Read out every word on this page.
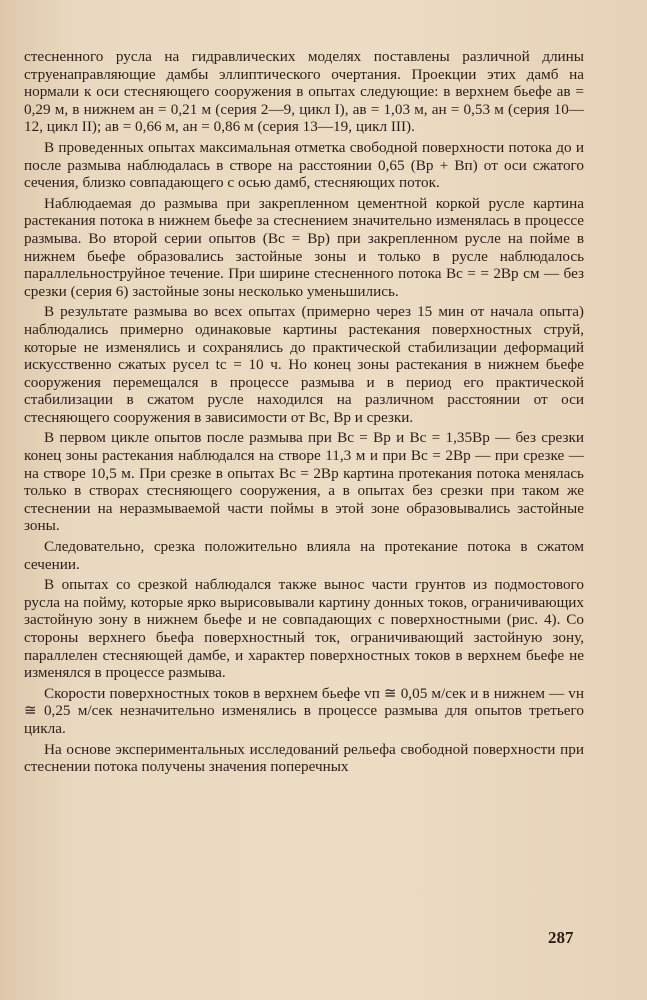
стесненного русла на гидравлических моделях поставлены различной длины струенаправляющие дамбы эллиптического очертания. Проекции этих дамб на нормали к оси стесняющего сооружения в опытах следующие: в верхнем бьефе aв = 0,29 м, в нижнем aн = 0,21 м (серия 2—9, цикл I), aв = 1,03 м, aн = 0,53 м (серия 10—12, цикл II); aв = 0,66 м, aн = 0,86 м (серия 13—19, цикл III).

В проведенных опытах максимальная отметка свободной поверхности потока до и после размыва наблюдалась в створе на расстоянии 0,65 (Bр + Bп) от оси сжатого сечения, близко совпадающего с осью дамб, стесняющих поток.

Наблюдаемая до размыва при закрепленном цементной коркой русле картина растекания потока в нижнем бьефе за стеснением значительно изменялась в процессе размыва. Во второй серии опытов (Bс = Bр) при закрепленном русле на пойме в нижнем бьефе образовались застойные зоны и только в русле наблюдалось параллельноструйное течение. При ширине стесненного потока Bс = = 2Bр см — без срезки (серия 6) застойные зоны несколько уменьшились.

В результате размыва во всех опытах (примерно через 15 мин от начала опыта) наблюдались примерно одинаковые картины растекания поверхностных струй, которые не изменялись и сохранялись до практической стабилизации деформаций искусственно сжатых русел tс = 10 ч. Но конец зоны растекания в нижнем бьефе сооружения перемещался в процессе размыва и в период его практической стабилизации в сжатом русле находился на различном расстоянии от оси стесняющего сооружения в зависимости от Bс, Bр и срезки.

В первом цикле опытов после размыва при Bс = Bр и Bс = 1,35Bр — без срезки конец зоны растекания наблюдался на створе 11,3 м и при Bс = 2Bр — при срезке — на створе 10,5 м. При срезке в опытах Bс = 2Bр картина протекания потока менялась только в створах стесняющего сооружения, а в опытах без срезки при таком же стеснении на неразмываемой части поймы в этой зоне образовывались застойные зоны.

Следовательно, срезка положительно влияла на протекание потока в сжатом сечении.

В опытах со срезкой наблюдался также вынос части грунтов из подмостового русла на пойму, которые ярко вырисовывали картину донных токов, ограничивающих застойную зону в нижнем бьефе и не совпадающих с поверхностными (рис. 4). Со стороны верхнего бьефа поверхностный ток, ограничивающий застойную зону, параллелен стесняющей дамбе, и характер поверхностных токов в верхнем бьефе не изменялся в процессе размыва.

Скорости поверхностных токов в верхнем бьефе vп ≅ 0,05 м/сек и в нижнем — vн ≅ 0,25 м/сек незначительно изменялись в процессе размыва для опытов третьего цикла.

На основе экспериментальных исследований рельефа свободной поверхности при стеснении потока получены значения поперечных

287
